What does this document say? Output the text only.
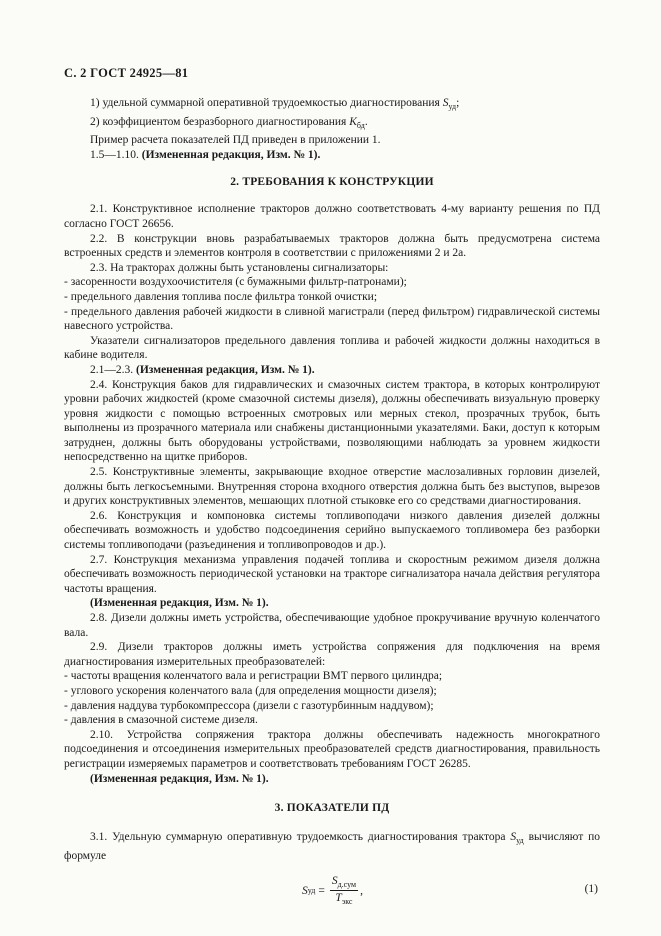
С. 2 ГОСТ 24925—81

1) удельной суммарной оперативной трудоемкостью диагностирования $S_{уд}$;

2) коэффициентом безразборного диагностирования $K_{бд}$.

Пример расчета показателей ПД приведен в приложении 1.

1.5—1.10. (Измененная редакция, Изм. № 1).

2. ТРЕБОВАНИЯ К КОНСТРУКЦИИ

2.1. Конструктивное исполнение тракторов должно соответствовать 4-му варианту решения по ПД согласно ГОСТ 26656.

2.2. В конструкции вновь разрабатываемых тракторов должна быть предусмотрена система встроенных средств и элементов контроля в соответствии с приложениями 2 и 2а.

2.3. На тракторах должны быть установлены сигнализаторы:

- засоренности воздухоочистителя (с бумажными фильтр-патронами);

- предельного давления топлива после фильтра тонкой очистки;

- предельного давления рабочей жидкости в сливной магистрали (перед фильтром) гидравлической системы навесного устройства.

Указатели сигнализаторов предельного давления топлива и рабочей жидкости должны находиться в кабине водителя.

2.1—2.3. (Измененная редакция, Изм. № 1).

2.4. Конструкция баков для гидравлических и смазочных систем трактора, в которых контролируют уровни рабочих жидкостей (кроме смазочной системы дизеля), должны обеспечивать визуальную проверку уровня жидкости с помощью встроенных смотровых или мерных стекол, прозрачных трубок, быть выполнены из прозрачного материала или снабжены дистанционными указателями. Баки, доступ к которым затруднен, должны быть оборудованы устройствами, позволяющими наблюдать за уровнем жидкости непосредственно на щитке приборов.

2.5. Конструктивные элементы, закрывающие входное отверстие маслозаливных горловин дизелей, должны быть легкосъемными. Внутренняя сторона входного отверстия должна быть без выступов, вырезов и других конструктивных элементов, мешающих плотной стыковке его со средствами диагностирования.

2.6. Конструкция и компоновка системы топливоподачи низкого давления дизелей должны обеспечивать возможность и удобство подсоединения серийно выпускаемого топливомера без разборки системы топливоподачи (разъединения и топливопроводов и др.).

2.7. Конструкция механизма управления подачей топлива и скоростным режимом дизеля должна обеспечивать возможность периодической установки на тракторе сигнализатора начала действия регулятора частоты вращения.

(Измененная редакция, Изм. № 1).

2.8. Дизели должны иметь устройства, обеспечивающие удобное прокручивание вручную коленчатого вала.

2.9. Дизели тракторов должны иметь устройства сопряжения для подключения на время диагностирования измерительных преобразователей:

- частоты вращения коленчатого вала и регистрации ВМТ первого цилиндра;

- углового ускорения коленчатого вала (для определения мощности дизеля);

- давления наддува турбокомпрессора (дизели с газотурбинным наддувом);

- давления в смазочной системе дизеля.

2.10. Устройства сопряжения трактора должны обеспечивать надежность многократного подсоединения и отсоединения измерительных преобразователей средств диагностирования, правильность регистрации измеряемых параметров и соответствовать требованиям ГОСТ 26285.

(Измененная редакция, Изм. № 1).

3. ПОКАЗАТЕЛИ ПД

3.1. Удельную суммарную оперативную трудоемкость диагностирования трактора $S_{уд}$ вычисляют по формуле

S уд = $\frac{S_{д.сум}}{T_{экс}}$ ,	(1)
